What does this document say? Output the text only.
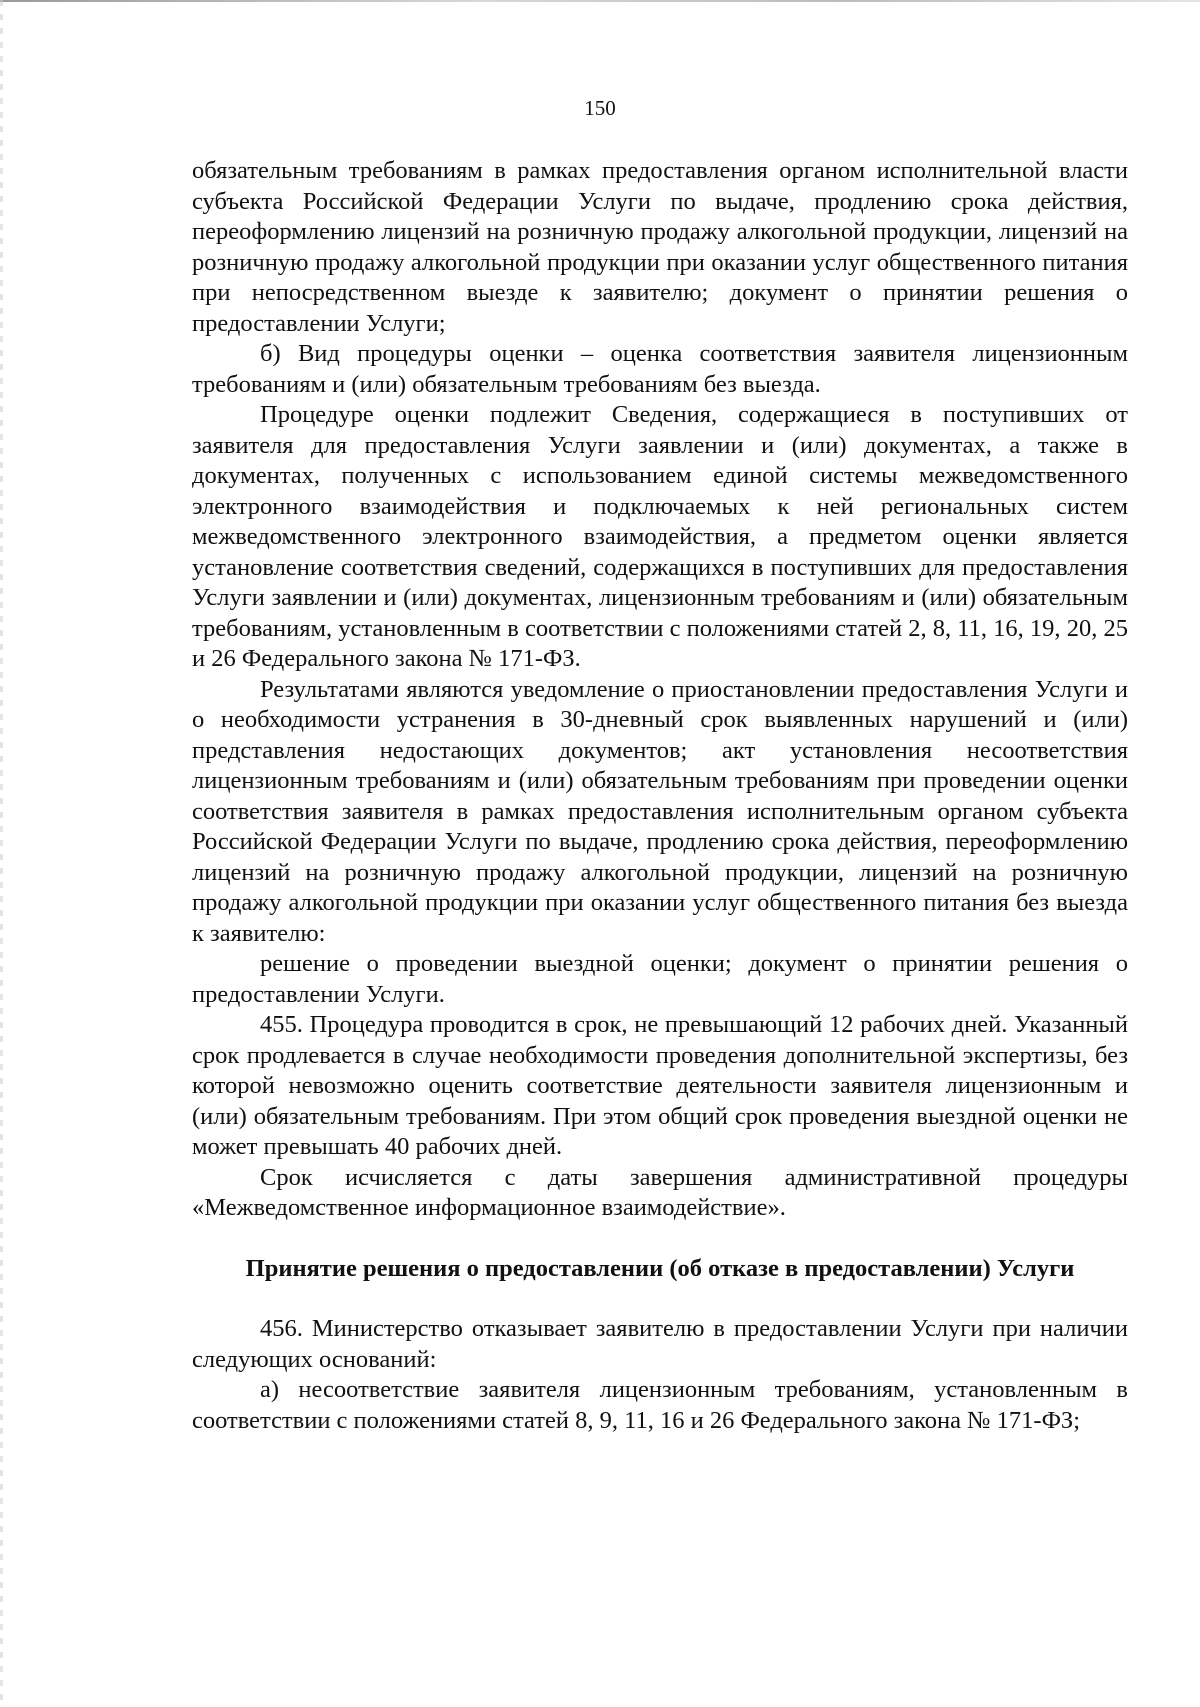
150

обязательным требованиям в рамках предоставления органом исполнительной власти субъекта Российской Федерации Услуги по выдаче, продлению срока действия, переоформлению лицензий на розничную продажу алкогольной продукции, лицензий на розничную продажу алкогольной продукции при оказании услуг общественного питания при непосредственном выезде к заявителю; документ о принятии решения о предоставлении Услуги;

б) Вид процедуры оценки – оценка соответствия заявителя лицензионным требованиям и (или) обязательным требованиям без выезда.

Процедуре оценки подлежит Сведения, содержащиеся в поступивших от заявителя для предоставления Услуги заявлении и (или) документах, а также в документах, полученных с использованием единой системы межведомственного электронного взаимодействия и подключаемых к ней региональных систем межведомственного электронного взаимодействия, а предметом оценки является установление соответствия сведений, содержащихся в поступивших для предоставления Услуги заявлении и (или) документах, лицензионным требованиям и (или) обязательным требованиям, установленным в соответствии с положениями статей 2, 8, 11, 16, 19, 20, 25 и 26 Федерального закона № 171-ФЗ.

Результатами являются уведомление о приостановлении предоставления Услуги и о необходимости устранения в 30-дневный срок выявленных нарушений и (или) представления недостающих документов; акт установления несоответствия лицензионным требованиям и (или) обязательным требованиям при проведении оценки соответствия заявителя в рамках предоставления исполнительным органом субъекта Российской Федерации Услуги по выдаче, продлению срока действия, переоформлению лицензий на розничную продажу алкогольной продукции, лицензий на розничную продажу алкогольной продукции при оказании услуг общественного питания без выезда к заявителю:

решение о проведении выездной оценки; документ о принятии решения о предоставлении Услуги.

455. Процедура проводится в срок, не превышающий 12 рабочих дней. Указанный срок продлевается в случае необходимости проведения дополнительной экспертизы, без которой невозможно оценить соответствие деятельности заявителя лицензионным и (или) обязательным требованиям. При этом общий срок проведения выездной оценки не может превышать 40 рабочих дней.

Срок исчисляется с даты завершения административной процедуры «Межведомственное информационное взаимодействие».

Принятие решения о предоставлении (об отказе в предоставлении) Услуги

456. Министерство отказывает заявителю в предоставлении Услуги при наличии следующих оснований:

а) несоответствие заявителя лицензионным требованиям, установленным в соответствии с положениями статей 8, 9, 11, 16 и 26 Федерального закона № 171-ФЗ;
